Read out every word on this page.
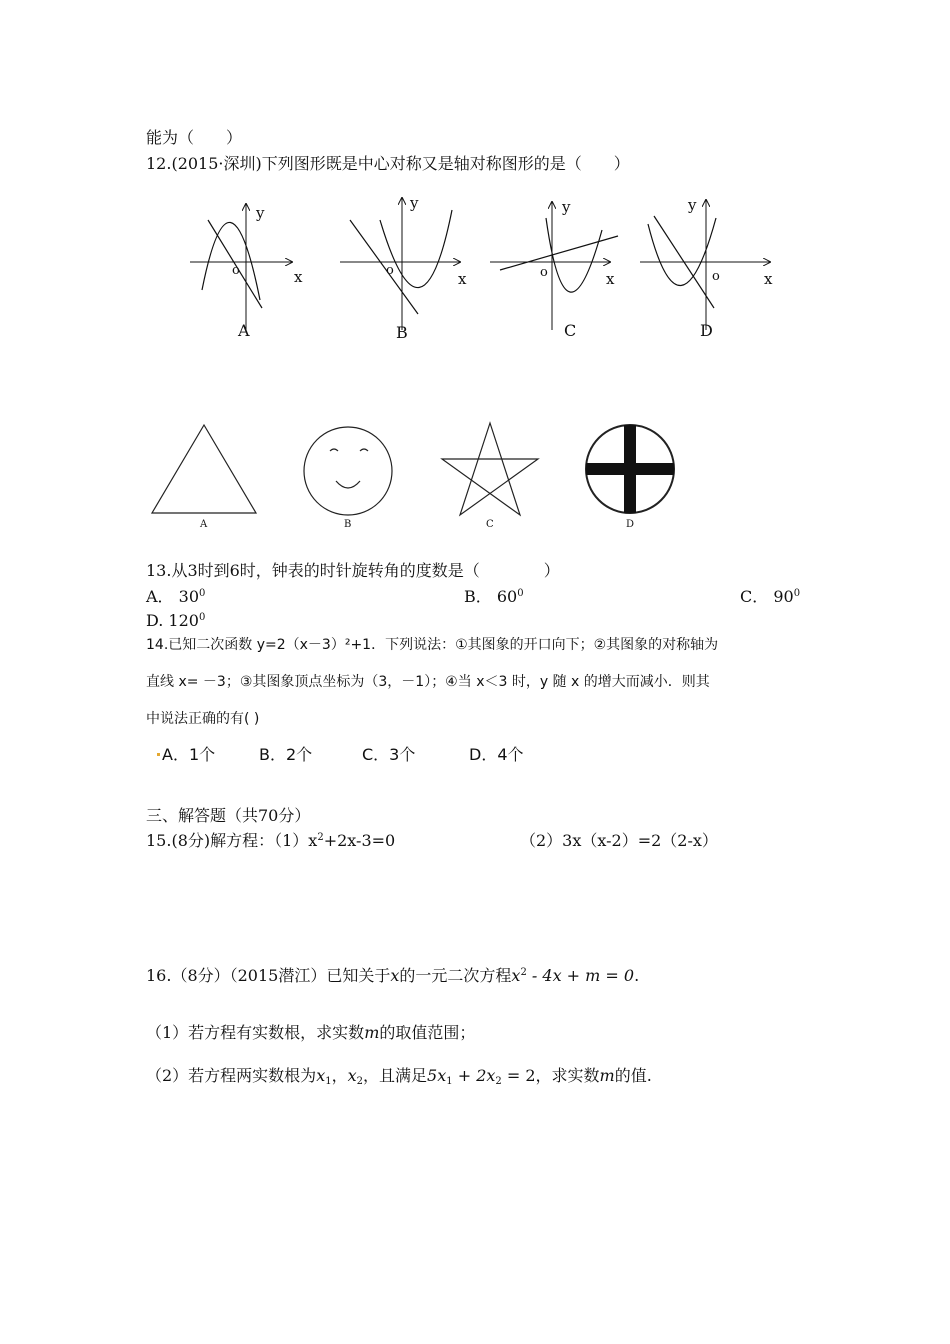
能为（　　）
12.(2015·深圳)下列图形既是中心对称又是轴对称图形的是（　　）
o	x
y
A
o	x
y
B
o	x
y
C
o	x
y
D
A	B	C	D
13.从3时到6时，钟表的时针旋转角的度数是（　　　　）
A． $30^0$	B． $60^0$	C． $90^0$
D. $120^0$
14.已知二次函数 y=2（x－3）²+1．下列说法：①其图象的开口向下；②其图象的对称轴为
直线 x= －3；③其图象顶点坐标为（3，－1）；④当 x＜3 时，y 随 x 的增大而减小．则其
中说法正确的有( )
A．1个	B．2个	C．3个	D．4个
三、解答题（共70分）
15.(8分)解方程：$(1)x^2+2x-3=0$	（2）3x（x-2）=2（2-x）
16.（8分）（2015潜江）已知关于x的一元二次方程$x^2 - 4x + m = 0$.
（1）若方程有实数根，求实数m的取值范围；
（2）若方程两实数根为$x_1$，$x_2$，且满足$5x_1 + 2x_2 = 2$，求实数m的值.
